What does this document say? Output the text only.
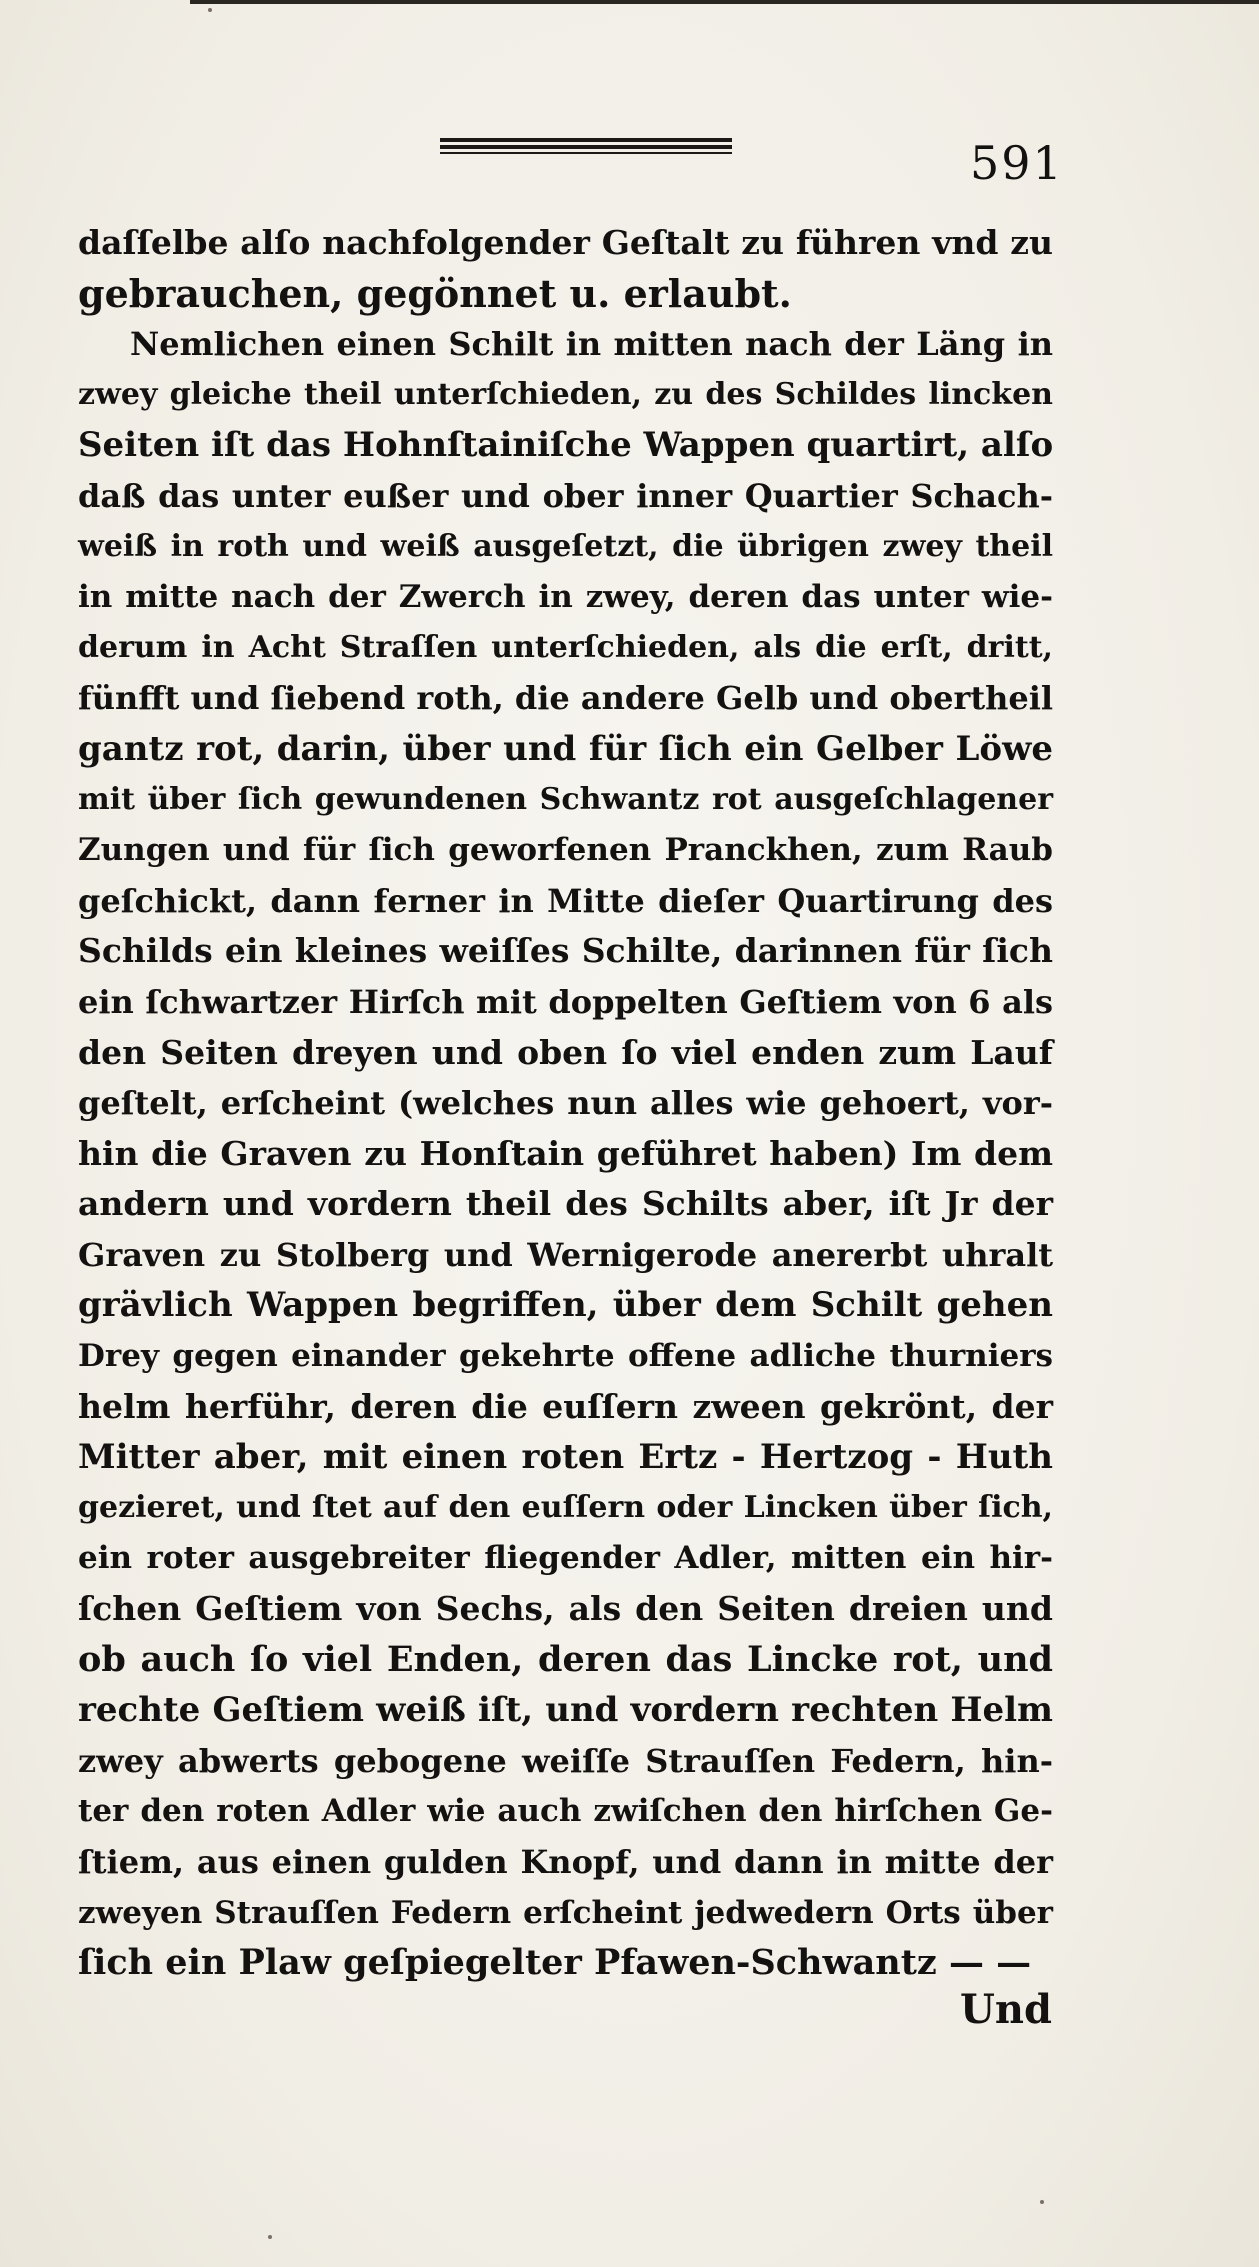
591
daſſelbe alſo nachfolgender Geſtalt zu führen vnd zu
gebrauchen, gegönnet u. erlaubt.
Nemlichen einen Schilt in mitten nach der Läng in
zwey gleiche theil unterſchieden, zu des Schildes lincken
Seiten iſt das Hohnſtainiſche Wappen quartirt, alſo
daß das unter eußer und ober inner Quartier Schach-
weiß in roth und weiß ausgeſetzt, die übrigen zwey theil
in mitte nach der Zwerch in zwey, deren das unter wie-
derum in Acht Straſſen unterſchieden, als die erſt, dritt,
fünfft und ſiebend roth, die andere Gelb und obertheil
gantz rot, darin, über und für ſich ein Gelber Löwe
mit über ſich gewundenen Schwantz rot ausgeſchlagener
Zungen und für ſich geworfenen Pranckhen, zum Raub
geſchickt, dann ferner in Mitte dieſer Quartirung des
Schilds ein kleines weiſſes Schilte, darinnen für ſich
ein ſchwartzer Hirſch mit doppelten Geſtiem von 6 als
den Seiten dreyen und oben ſo viel enden zum Lauf
geſtelt, erſcheint (welches nun alles wie gehoert, vor-
hin die Graven zu Honſtain geführet haben) Im dem
andern und vordern theil des Schilts aber, iſt Jr der
Graven zu Stolberg und Wernigerode anererbt uhralt
grävlich Wappen begriffen, über dem Schilt gehen
Drey gegen einander gekehrte offene adliche thurniers
helm herführ, deren die euſſern zween gekrönt, der
Mitter aber, mit einen roten Ertz - Hertzog - Huth
gezieret, und ſtet auf den euſſern oder Lincken über ſich,
ein roter ausgebreiter fliegender Adler, mitten ein hir-
ſchen Geſtiem von Sechs, als den Seiten dreien und
ob auch ſo viel Enden, deren das Lincke rot, und
rechte Geſtiem weiß iſt, und vordern rechten Helm
zwey abwerts gebogene weiſſe Strauſſen Federn, hin-
ter den roten Adler wie auch zwiſchen den hirſchen Ge-
ſtiem, aus einen gulden Knopf, und dann in mitte der
zweyen Strauſſen Federn erſcheint jedwedern Orts über
ſich ein Plaw geſpiegelter Pfawen-Schwantz — —
Und
